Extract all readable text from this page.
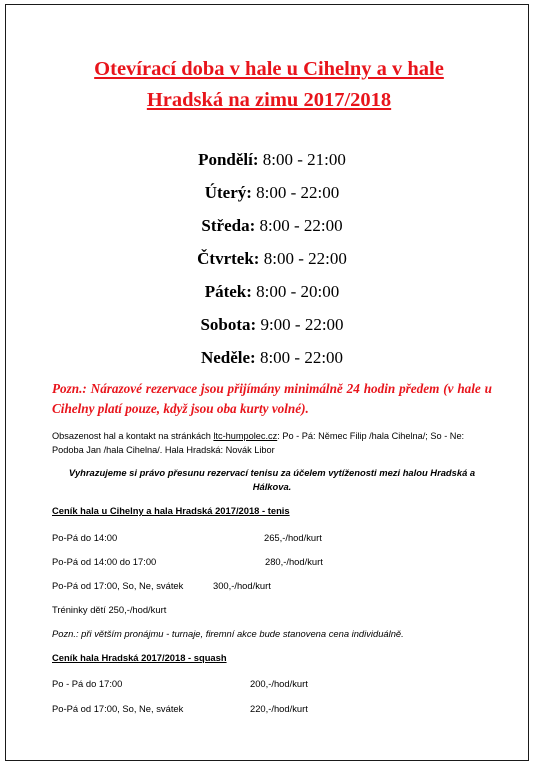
Otevírací doba v hale u Cihelny a v hale
Hradská na zimu 2017/2018
Pondělí: 8:00 - 21:00
Úterý: 8:00 - 22:00
Středa: 8:00 - 22:00
Čtvrtek: 8:00 - 22:00
Pátek: 8:00 - 20:00
Sobota: 9:00 - 22:00
Neděle: 8:00 - 22:00
Pozn.: Nárazové rezervace jsou přijímány minimálně 24 hodin předem (v hale u Cihelny platí pouze, když jsou oba kurty volné).
Obsazenost hal a kontakt na stránkách ltc-humpolec.cz: Po - Pá: Němec Filip /hala Cihelna/; So - Ne: Podoba Jan /hala Cihelna/. Hala Hradská: Novák Libor
Vyhrazujeme si právo přesunu rezervací tenisu za účelem vytíženosti mezi halou Hradská a Hálkova.
Ceník hala u Cihelny a hala Hradská 2017/2018 - tenis
Po-Pá do 14:00	265,-/hod/kurt
Po-Pá od 14:00 do 17:00	280,-/hod/kurt
Po-Pá od 17:00, So, Ne, svátek	300,-/hod/kurt
Tréninky dětí 250,-/hod/kurt
Pozn.: při větším pronájmu - turnaje, firemní akce bude stanovena cena individuálně.
Ceník hala Hradská 2017/2018 - squash
Po - Pá do 17:00	200,-/hod/kurt
Po-Pá od 17:00, So, Ne, svátek	220,-/hod/kurt
